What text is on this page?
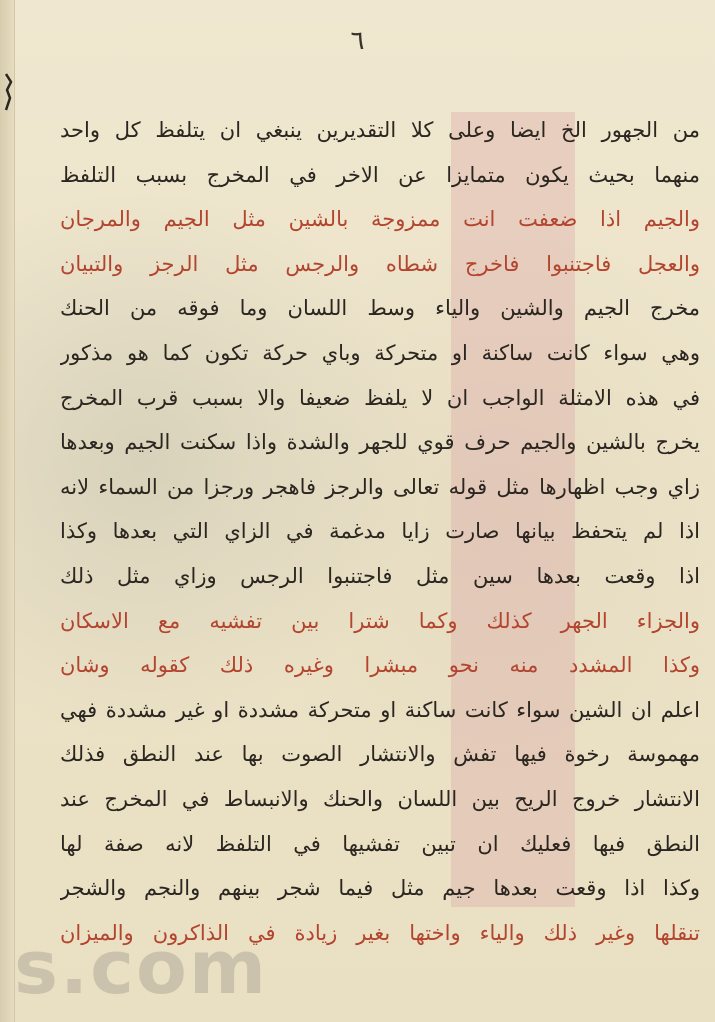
٦
من الجهور الخ ايضا وعلى كلا التقديرين ينبغي ان يتلفظ كل واحد
منهما بحيث يكون متمايزا عن الاخر في المخرج بسبب التلفظ
والجيم اذا ضعفت انت ممزوجة بالشين مثل الجيم والمرجان
والعجل فاجتنبوا فاخرج شطاه والرجس مثل الرجز والتبيان
مخرج الجيم والشين والياء وسط اللسان وما فوقه من الحنك
وهي سواء كانت ساكنة او متحركة وباي حركة تكون كما هو مذكور
في هذه الامثلة الواجب ان لا يلفظ ضعيفا والا بسبب قرب المخرج
يخرج بالشين والجيم حرف قوي للجهر والشدة واذا سكنت الجيم وبعدها
زاي وجب اظهارها مثل قوله تعالى والرجز فاهجر ورجزا من السماء لانه
اذا لم يتحفظ بيانها صارت زايا مدغمة في الزاي التي بعدها وكذا
اذا وقعت بعدها سين مثل فاجتنبوا الرجس وزاي مثل ذلك
والجزاء الجهر كذلك وكما شترا بين تفشيه مع الاسكان
وكذا المشدد منه نحو مبشرا وغيره ذلك كقوله وشان
اعلم ان الشين سواء كانت ساكنة او متحركة مشددة او غير مشددة فهي
مهموسة رخوة فيها تفش والانتشار الصوت بها عند النطق فذلك
الانتشار خروج الريح بين اللسان والحنك والانبساط في المخرج عند
النطق فيها فعليك ان تبين تفشيها في التلفظ لانه صفة لها
وكذا اذا وقعت بعدها جيم مثل فيما شجر بينهم والنجم والشجر
تنقلها وغير ذلك والياء واختها بغير زيادة في الذاكرون والميزان
s.com
